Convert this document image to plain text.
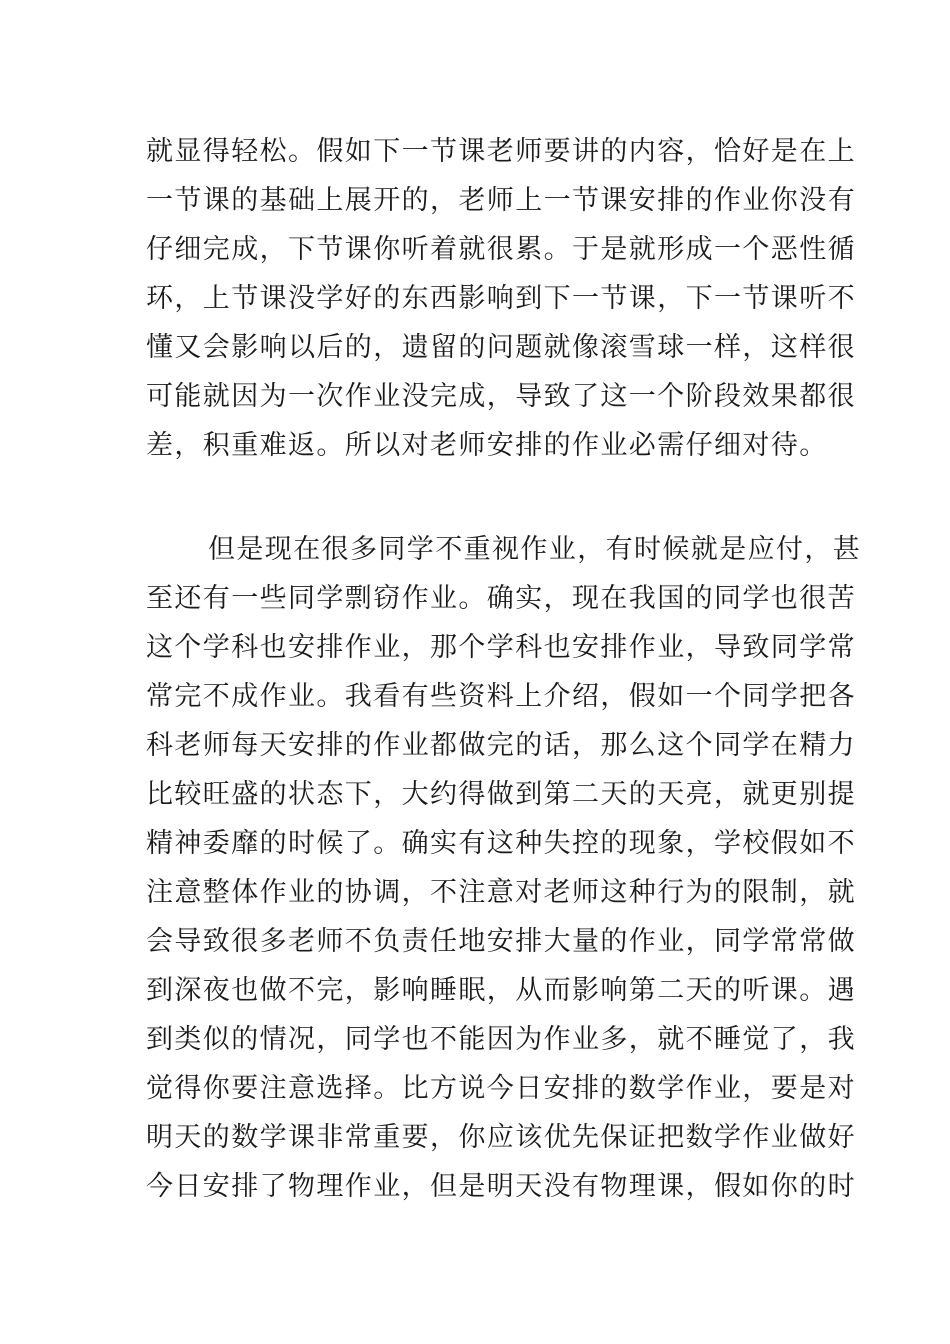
就显得轻松。假如下一节课老师要讲的内容，恰好是在上
一节课的基础上展开的，老师上一节课安排的作业你没有
仔细完成，下节课你听着就很累。于是就形成一个恶性循
环，上节课没学好的东西影响到下一节课，下一节课听不
懂又会影响以后的，遗留的问题就像滚雪球一样，这样很
可能就因为一次作业没完成，导致了这一个阶段效果都很
差，积重难返。所以对老师安排的作业必需仔细对待。
但是现在很多同学不重视作业，有时候就是应付，甚
至还有一些同学剽窃作业。确实，现在我国的同学也很苦
这个学科也安排作业，那个学科也安排作业，导致同学常
常完不成作业。我看有些资料上介绍，假如一个同学把各
科老师每天安排的作业都做完的话，那么这个同学在精力
比较旺盛的状态下，大约得做到第二天的天亮，就更别提
精神委靡的时候了。确实有这种失控的现象，学校假如不
注意整体作业的协调，不注意对老师这种行为的限制，就
会导致很多老师不负责任地安排大量的作业，同学常常做
到深夜也做不完，影响睡眠，从而影响第二天的听课。遇
到类似的情况，同学也不能因为作业多，就不睡觉了，我
觉得你要注意选择。比方说今日安排的数学作业，要是对
明天的数学课非常重要，你应该优先保证把数学作业做好
今日安排了物理作业，但是明天没有物理课，假如你的时
